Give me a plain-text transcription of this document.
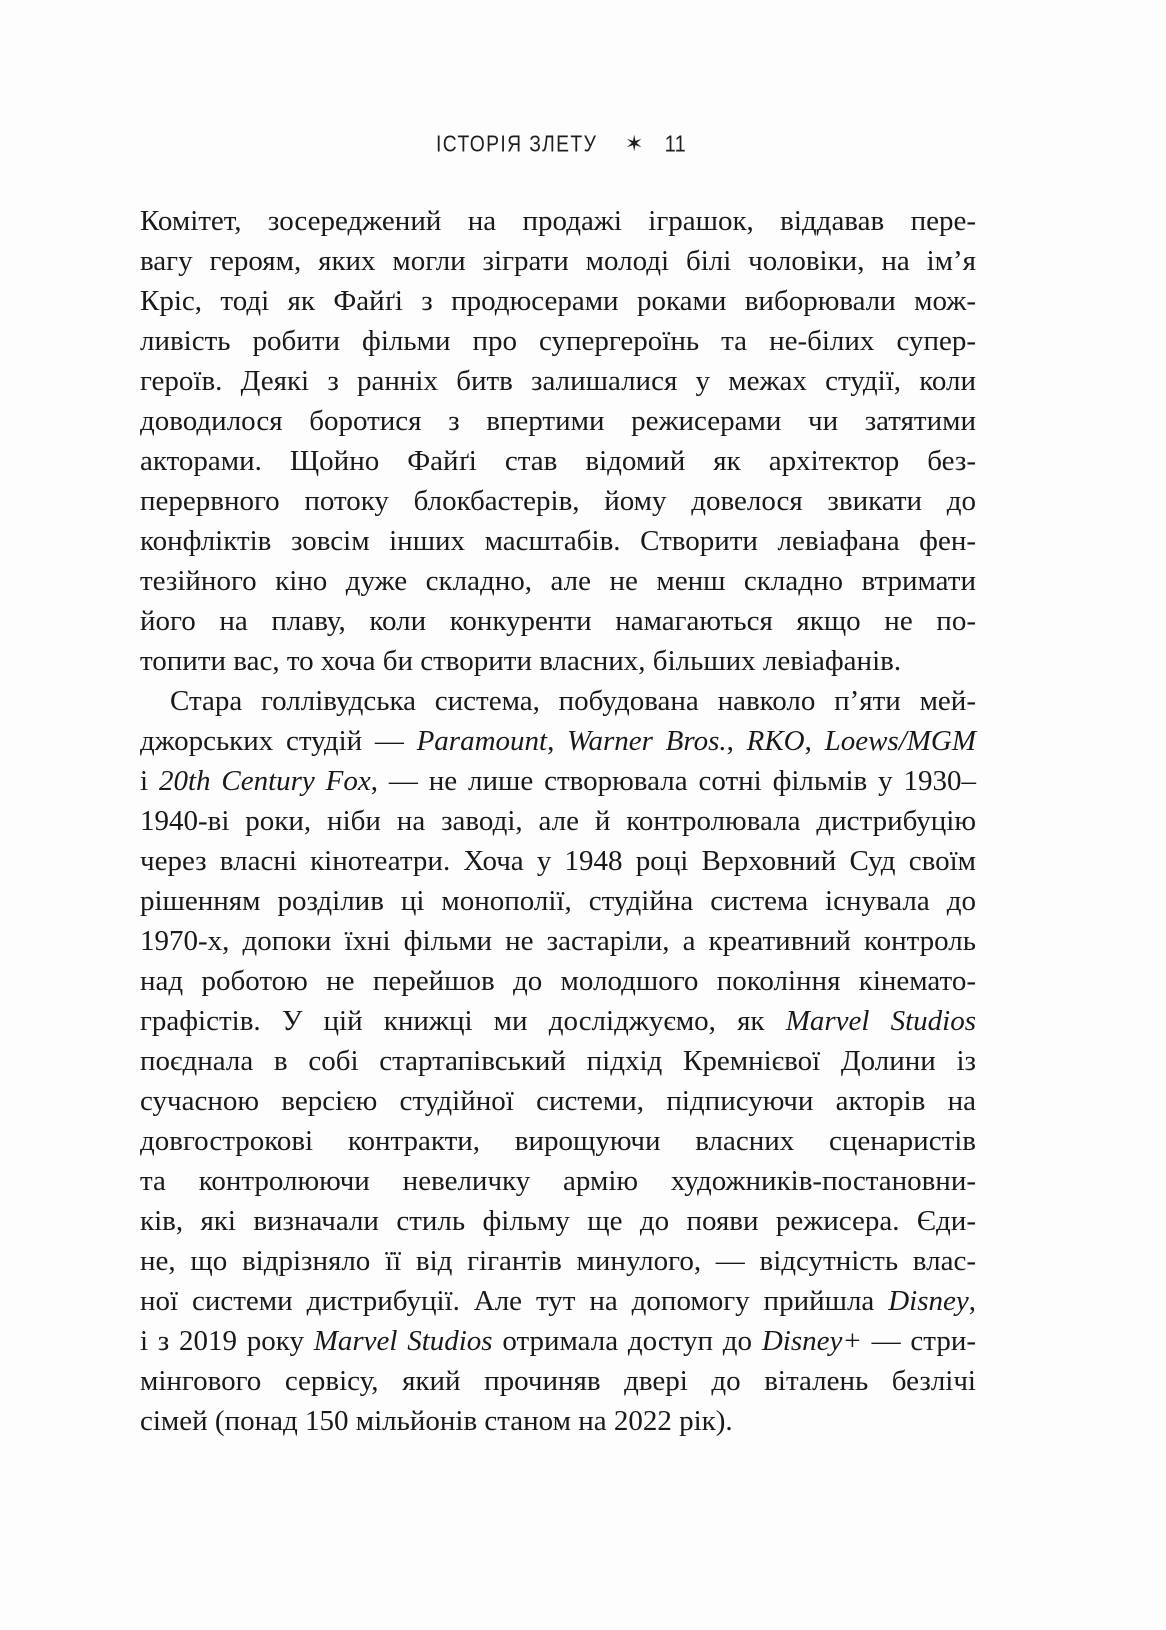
ІСТОРІЯ ЗЛЕТУ ✶ 11
Комітет, зосереджений на продажі іграшок, віддавав пере-
вагу героям, яких могли зіграти молоді білі чоловіки, на ім’я
Кріс, тоді як Файґі з продюсерами роками виборювали мож-
ливість робити фільми про супергероїнь та не-білих супер-
героїв. Деякі з ранніх битв залишалися у межах студії, коли
доводилося боротися з впертими режисерами чи затятими
акторами. Щойно Файґі став відомий як архітектор без-
перервного потоку блокбастерів, йому довелося звикати до
конфліктів зовсім інших масштабів. Створити левіафана фен-
тезійного кіно дуже складно, але не менш складно втримати
його на плаву, коли конкуренти намагаються якщо не по-
топити вас, то хоча би створити власних, більших левіафанів.
Стара голлівудська система, побудована навколо п’яти мей-
джорських студій — Paramount, Warner Bros., RKO, Loews/MGM
і 20th Century Fox, — не лише створювала сотні фільмів у 1930–
1940-ві роки, ніби на заводі, але й контролювала дистрибуцію
через власні кінотеатри. Хоча у 1948 році Верховний Суд своїм
рішенням розділив ці монополії, студійна система існувала до
1970-х, допоки їхні фільми не застаріли, а креативний контроль
над роботою не перейшов до молодшого покоління кінемато-
графістів. У цій книжці ми досліджуємо, як Marvel Studios
поєднала в собі стартапівський підхід Кремнієвої Долини із
сучасною версією студійної системи, підписуючи акторів на
довгострокові контракти, вирощуючи власних сценаристів
та контролюючи невеличку армію художників-постановни-
ків, які визначали стиль фільму ще до появи режисера. Єди-
не, що відрізняло її від гігантів минулого, — відсутність влас-
ної системи дистрибуції. Але тут на допомогу прийшла Disney,
і з 2019 року Marvel Studios отримала доступ до Disney+ — стри-
мінгового сервісу, який прочиняв двері до віталень безлічі
сімей (понад 150 мільйонів станом на 2022 рік).
